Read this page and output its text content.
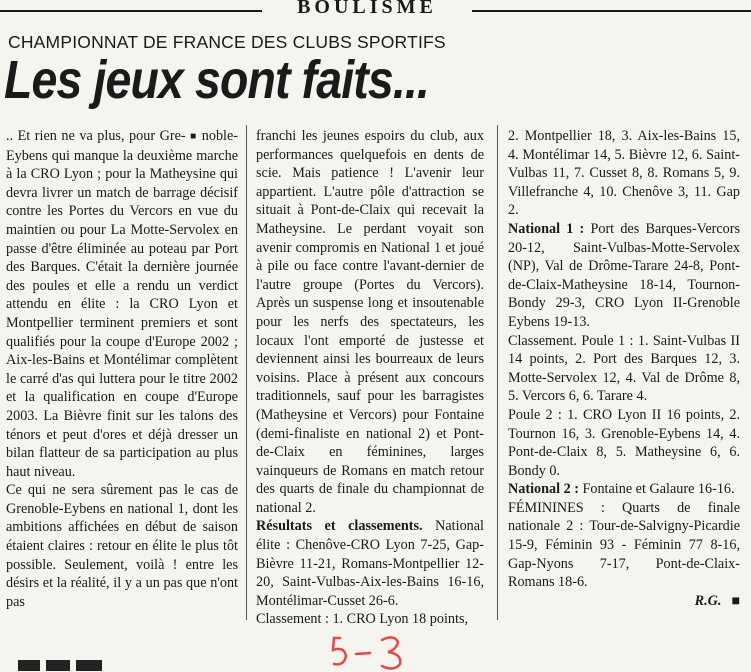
BOULISME
CHAMPIONNAT DE FRANCE DES CLUBS SPORTIFS
Les jeux sont faits...

.. Et rien ne va plus, pour Gre- ■ noble-Eybens qui manque la deuxième marche à la CRO Lyon ; pour la Matheysine qui devra livrer un match de barrage décisif contre les Portes du Vercors en vue du maintien ou pour La Motte-Servolex en passe d'être éliminée au poteau par Port des Barques. C'était la dernière journée des poules et elle a rendu un verdict attendu en élite : la CRO Lyon et Montpellier terminent premiers et sont qualifiés pour la coupe d'Europe 2002 ; Aix-les-Bains et Montélimar complètent le carré d'as qui luttera pour le titre 2002 et la qualification en coupe d'Europe 2003. La Bièvre finit sur les talons des ténors et peut d'ores et déjà dresser un bilan flatteur de sa participation au plus haut niveau.

Ce qui ne sera sûrement pas le cas de Grenoble-Eybens en national 1, dont les ambitions affichées en début de saison étaient claires : retour en élite le plus tôt possible. Seulement, voilà ! entre les désirs et la réalité, il y a un pas que n'ont pas

franchi les jeunes espoirs du club, aux performances quelquefois en dents de scie. Mais patience ! L'avenir leur appartient. L'autre pôle d'attraction se situait à Pont-de-Claix qui recevait la Matheysine. Le perdant voyait son avenir compromis en National 1 et joué à pile ou face contre l'avant-dernier de l'autre groupe (Portes du Vercors). Après un suspense long et insoutenable pour les nerfs des spectateurs, les locaux l'ont emporté de justesse et deviennent ainsi les bourreaux de leurs voisins. Place à présent aux concours traditionnels, sauf pour les barragistes (Matheysine et Vercors) pour Fontaine (demi-finaliste en national 2) et Pont-de-Claix en féminines, larges vainqueurs de Romans en match retour des quarts de finale du championnat de national 2.

Résultats et classements. National élite : Chenôve-CRO Lyon 7-25, Gap-Bièvre 11-21, Romans-Montpellier 12-20, Saint-Vulbas-Aix-les-Bains 16-16, Montélimar-Cusset 26-6.

Classement : 1. CRO Lyon 18 points,

2. Montpellier 18, 3. Aix-les-Bains 15, 4. Montélimar 14, 5. Bièvre 12, 6. Saint-Vulbas 11, 7. Cusset 8, 8. Romans 5, 9. Villefranche 4, 10. Chenôve 3, 11. Gap 2.

National 1 : Port des Barques-Vercors 20-12, Saint-Vulbas-Motte-Servolex (NP), Val de Drôme-Tarare 24-8, Pont-de-Claix-Matheysine 18-14, Tournon-Bondy 29-3, CRO Lyon II-Grenoble Eybens 19-13.

Classement. Poule 1 : 1. Saint-Vulbas II 14 points, 2. Port des Barques 12, 3. Motte-Servolex 12, 4. Val de Drôme 8, 5. Vercors 6, 6. Tarare 4.

Poule 2 : 1. CRO Lyon II 16 points, 2. Tournon 16, 3. Grenoble-Eybens 14, 4. Pont-de-Claix 8, 5. Matheysine 6, 6. Bondy 0.

National 2 : Fontaine et Galaure 16-16.

FÉMININES : Quarts de finale nationale 2 : Tour-de-Salvigny-Picardie 15-9, Féminin 93 - Féminin 77 8-16, Gap-Nyons 7-17, Pont-de-Claix-Romans 18-6.

R.G. ■
